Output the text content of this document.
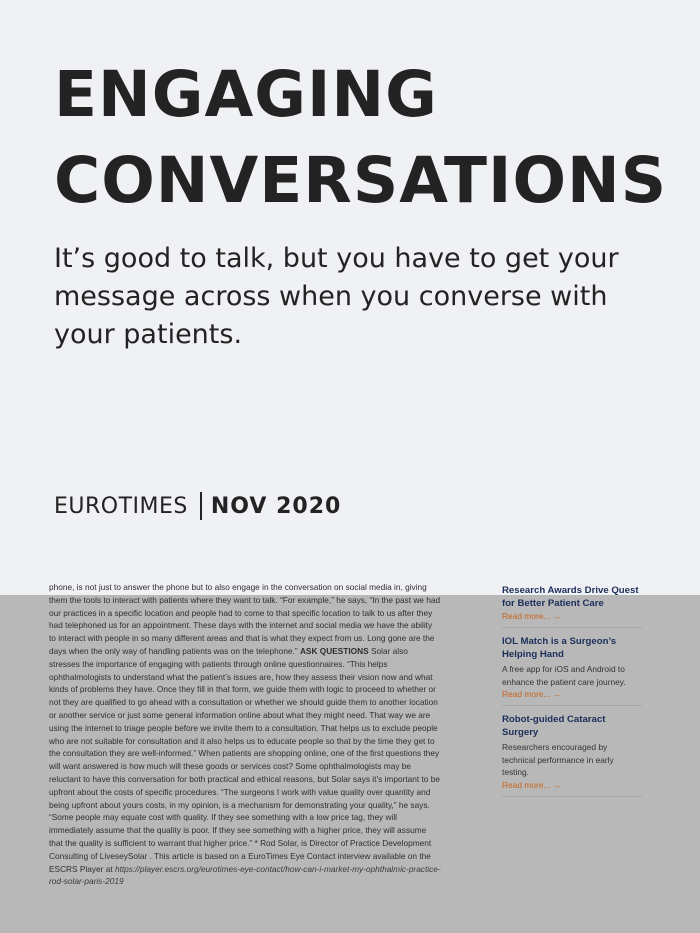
ENGAGING
CONVERSATIONS

It’s good to talk, but you have to get your message across when you converse with your patients.

EUROTIMES NOV 2020

phone, is not just to answer the phone but to also engage in the conversation on social media in, giving them the tools to interact with patients where they want to talk. “For example,” he says, “In the past we had our practices in a specific location and people had to come to that specific location to talk to us after they had telephoned us for an appointment. These days with the internet and social media we have the ability to interact with people in so many different areas and that is what they expect from us. Long gone are the days when the only way of handling patients was on the telephone.” ASK QUESTIONS Solar also stresses the importance of engaging with patients through online questionnaires. “This helps ophthalmologists to understand what the patient’s issues are, how they assess their vision now and what kinds of problems they have. Once they fill in that form, we guide them with logic to proceed to whether or not they are qualified to go ahead with a consultation or whether we should guide them to another location or another service or just some general information online about what they might need. That way we are using the internet to triage people before we invite them to a consultation. That helps us to exclude people who are not suitable for consultation and it also helps us to educate people so that by the time they get to the consultation they are well-informed.” When patients are shopping online, one of the first questions they will want answered is how much will these goods or services cost? Some ophthalmologists may be reluctant to have this conversation for both practical and ethical reasons, but Solar says it’s important to be upfront about the costs of specific procedures. “The surgeons I work with value quality over quantity and being upfront about yours costs, in my opinion, is a mechanism for demonstrating your quality,” he says. “Some people may equate cost with quality. If they see something with a low price tag, they will immediately assume that the quality is poor. If they see something with a higher price, they will assume that the quality is sufficient to warrant that higher price.” * Rod Solar, is Director of Practice Development Consulting of LiveseySolar . This article is based on a EuroTimes Eye Contact interview available on the ESCRS Player at https://player.escrs.org/eurotimes-eye-contact/how-can-i-market-my-ophthalmic-practice-rod-solar-paris-2019

Research Awards Drive Quest for Better Patient Care

Read more... →

IOL Match is a Surgeon’s Helping Hand

A free app for iOS and Android to enhance the patient care journey.

Read more... →

Robot-guided Cataract Surgery

Researchers encouraged by technical performance in early testing.

Read more... →
